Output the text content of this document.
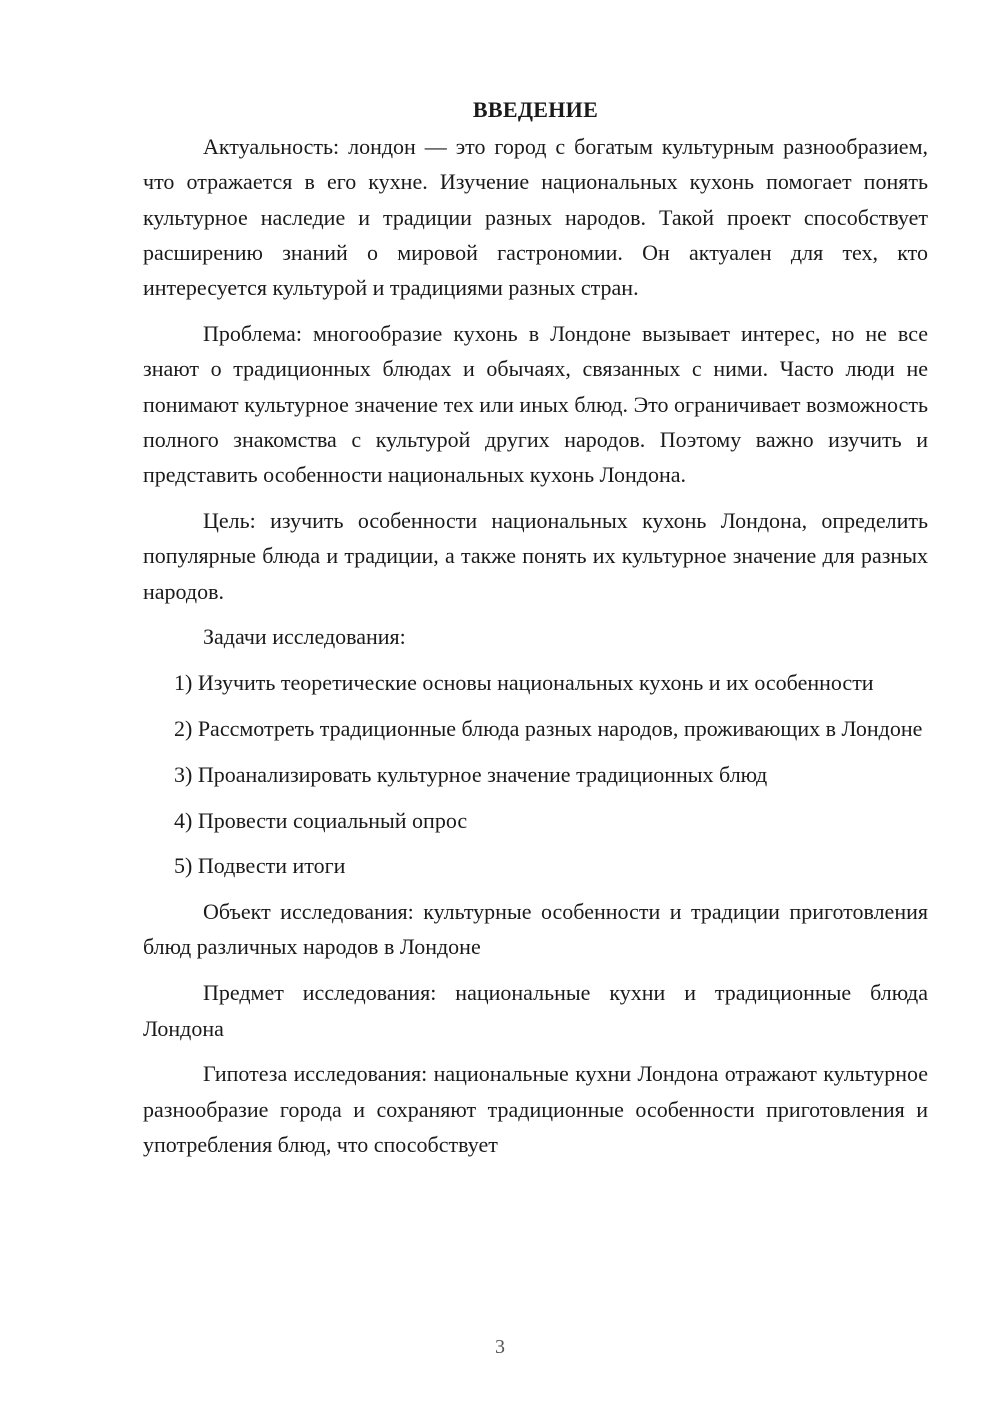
ВВЕДЕНИЕ

Актуальность: лондон — это город с богатым культурным разнообразием, что отражается в его кухне. Изучение национальных кухонь помогает понять культурное наследие и традиции разных народов. Такой проект способствует расширению знаний о мировой гастрономии. Он актуален для тех, кто интересуется культурой и традициями разных стран.

Проблема: многообразие кухонь в Лондоне вызывает интерес, но не все знают о традиционных блюдах и обычаях, связанных с ними. Часто люди не понимают культурное значение тех или иных блюд. Это ограничивает возможность полного знакомства с культурой других народов. Поэтому важно изучить и представить особенности национальных кухонь Лондона.

Цель: изучить особенности национальных кухонь Лондона, определить популярные блюда и традиции, а также понять их культурное значение для разных народов.

Задачи исследования:

1) Изучить теоретические основы национальных кухонь и их особенности

2) Рассмотреть традиционные блюда разных народов, проживающих в Лондоне

3) Проанализировать культурное значение традиционных блюд

4) Провести социальный опрос

5) Подвести итоги

Объект исследования: культурные особенности и традиции приготовления блюд различных народов в Лондоне

Предмет исследования: национальные кухни и традиционные блюда Лондона

Гипотеза исследования: национальные кухни Лондона отражают культурное разнообразие города и сохраняют традиционные особенности приготовления и употребления блюд, что способствует

3
